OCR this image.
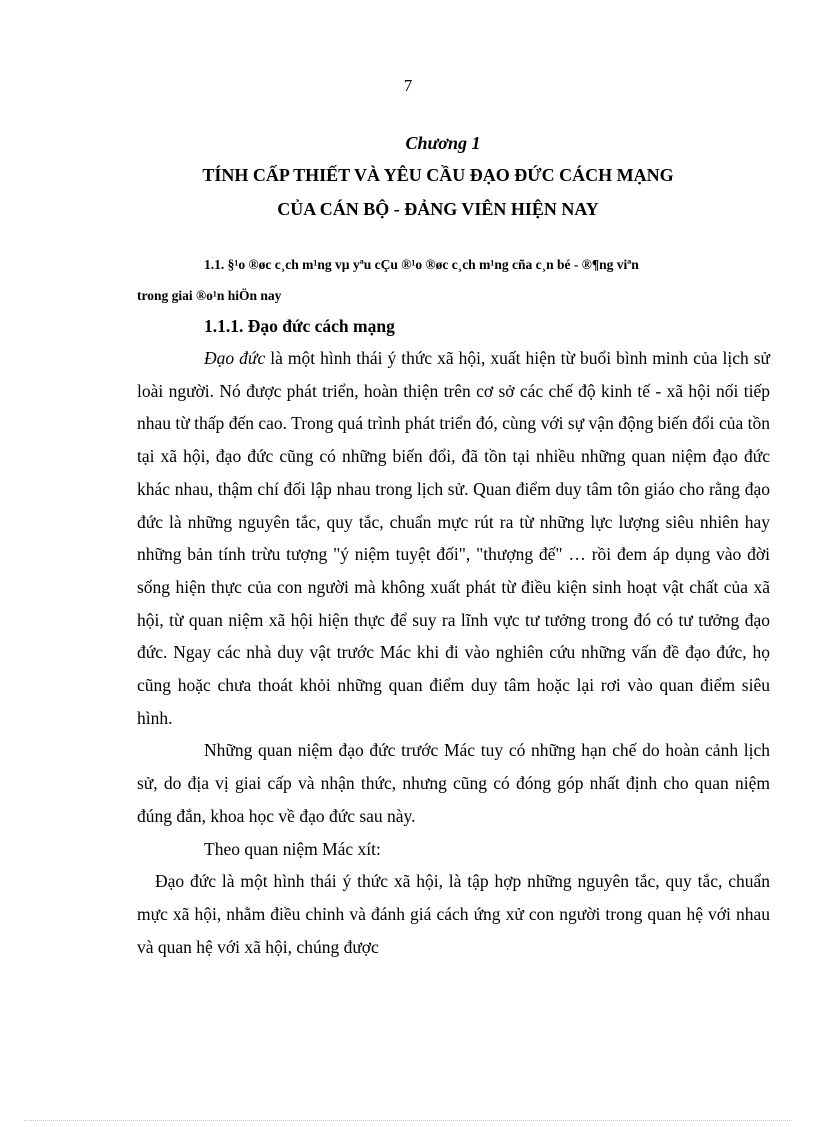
7
Chương 1
TÍNH CẤP THIẾT VÀ YÊU CẦU ĐẠO ĐỨC CÁCH MẠNG
CỦA CÁN BỘ - ĐẢNG VIÊN HIỆN NAY
1.1. §¹o ®øc c¸ch m¹ng vµ yªu cÇu ®¹o ®øc c¸ch m¹ng cña c¸n bé - ®¶ng viªn
trong giai ®o¹n hiÖn nay
1.1.1. Đạo đức cách mạng

Đạo đức là một hình thái ý thức xã hội, xuất hiện từ buổi bình minh của lịch sử loài người. Nó được phát triển, hoàn thiện trên cơ sở các chế độ kinh tế - xã hội nối tiếp nhau từ thấp đến cao. Trong quá trình phát triển đó, cùng với sự vận động biến đổi của tồn tại xã hội, đạo đức cũng có những biến đổi, đã tồn tại nhiều những quan niệm đạo đức khác nhau, thậm chí đối lập nhau trong lịch sử. Quan điểm duy tâm tôn giáo cho rằng đạo đức là những nguyên tắc, quy tắc, chuẩn mực rút ra từ những lực lượng siêu nhiên hay những bản tính trừu tượng "ý niệm tuyệt đối", "thượng đế" … rồi đem áp dụng vào đời sống hiện thực của con người mà không xuất phát từ điều kiện sinh hoạt vật chất của xã hội, từ quan niệm xã hội hiện thực để suy ra lĩnh vực tư tưởng trong đó có tư tưởng đạo đức. Ngay các nhà duy vật trước Mác khi đi vào nghiên cứu những vấn đề đạo đức, họ cũng hoặc chưa thoát khỏi những quan điểm duy tâm hoặc lại rơi vào quan điểm siêu hình.

Những quan niệm đạo đức trước Mác tuy có những hạn chế do hoàn cảnh lịch sử, do địa vị giai cấp và nhận thức, nhưng cũng có đóng góp nhất định cho quan niệm đúng đắn, khoa học về đạo đức sau này.

Theo quan niệm Mác xít:

Đạo đức là một hình thái ý thức xã hội, là tập hợp những nguyên tắc, quy tắc, chuẩn mực xã hội, nhằm điều chỉnh và đánh giá cách ứng xử con người trong quan hệ với nhau và quan hệ với xã hội, chúng được
